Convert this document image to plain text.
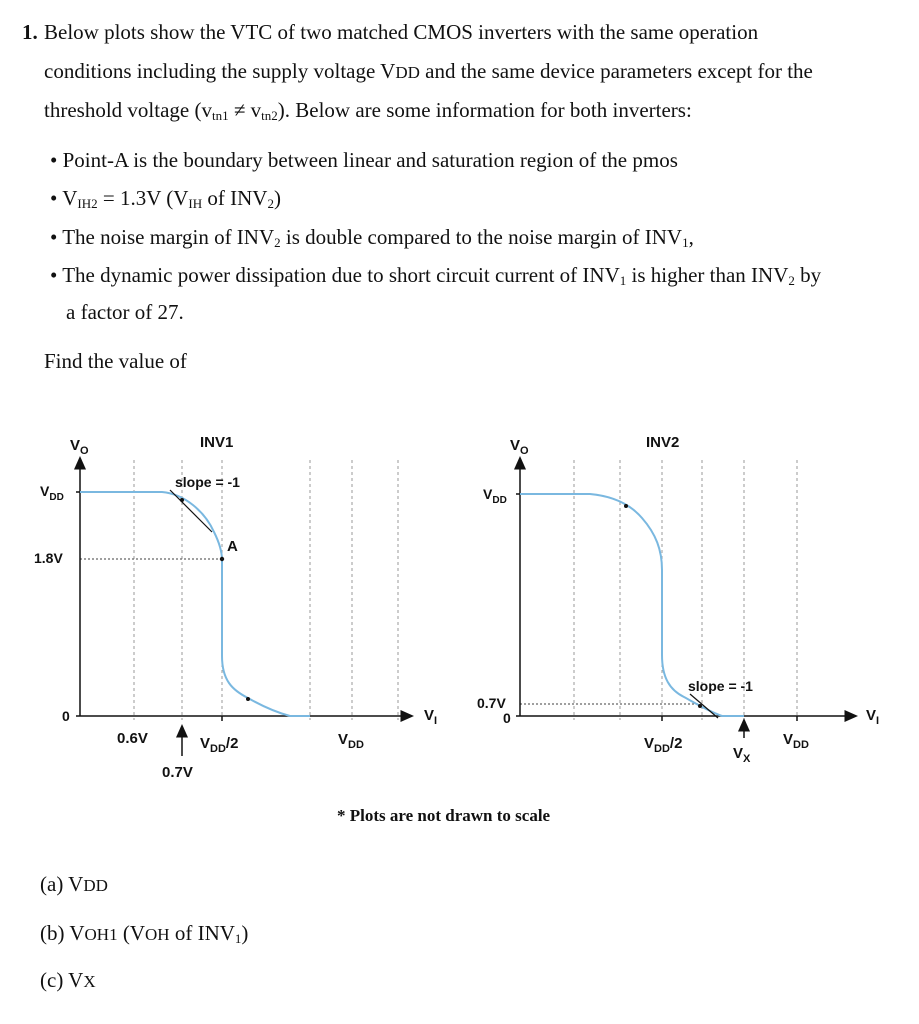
1. Below plots show the VTC of two matched CMOS inverters with the same operation
conditions including the supply voltage VDD and the same device parameters except for the
threshold voltage $(v_{tn1} \ne v_{tn2})$. Below are some information for both inverters:
• Point-A is the boundary between linear and saturation region of the pmos
• $V_{IH2} = 1.3V$ ($V_{IH}$ of $INV_2$)
• The noise margin of $INV_2$ is double compared to the noise margin of $INV_1$,
• The dynamic power dissipation due to short circuit current of $INV_1$ is higher than $INV_2$ by
a factor of 27.
Find the value of
$V_O$	INV1
$V_{DD}$
1.8V
0
slope = -1
A
0.6V
0.7V
$V_{DD}/2$	$V_{DD}$
$V_I$
$V_O$	INV2
$V_{DD}$
0.7V
0
slope = -1
$V_{DD}/2$
$V_X$
$V_{DD}$
$V_I$
* Plots are not drawn to scale
(a) VDD
(b) VOH1 (VOH of $INV_1$)
(c) VX
